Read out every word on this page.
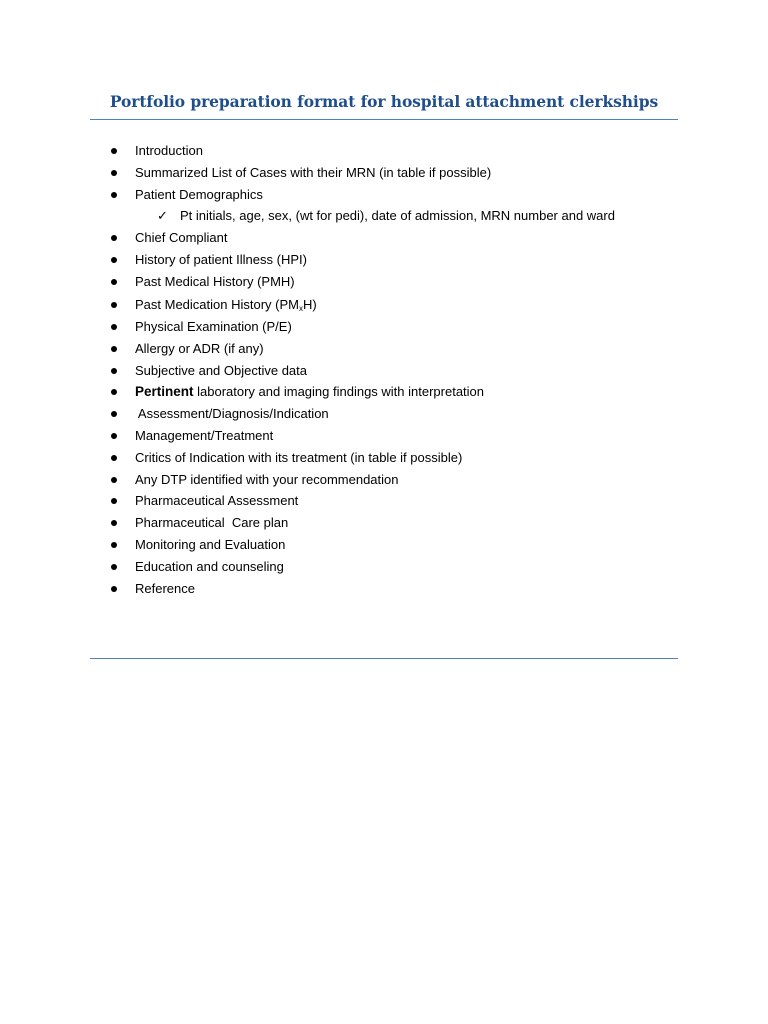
Portfolio preparation format for hospital attachment clerkships
Introduction
Summarized List of Cases with their MRN (in table if possible)
Patient Demographics
✓ Pt initials, age, sex, (wt for pedi), date of admission, MRN number and ward
Chief Compliant
History of patient Illness (HPI)
Past Medical History (PMH)
Past Medication History $(PM_xH)$
Physical Examination (P/E)
Allergy or ADR (if any)
Subjective and Objective data
Pertinent laboratory and imaging findings with interpretation
Assessment/Diagnosis/Indication
Management/Treatment
Critics of Indication with its treatment (in table if possible)
Any DTP identified with your recommendation
Pharmaceutical Assessment
Pharmaceutical  Care plan
Monitoring and Evaluation
Education and counseling
Reference
